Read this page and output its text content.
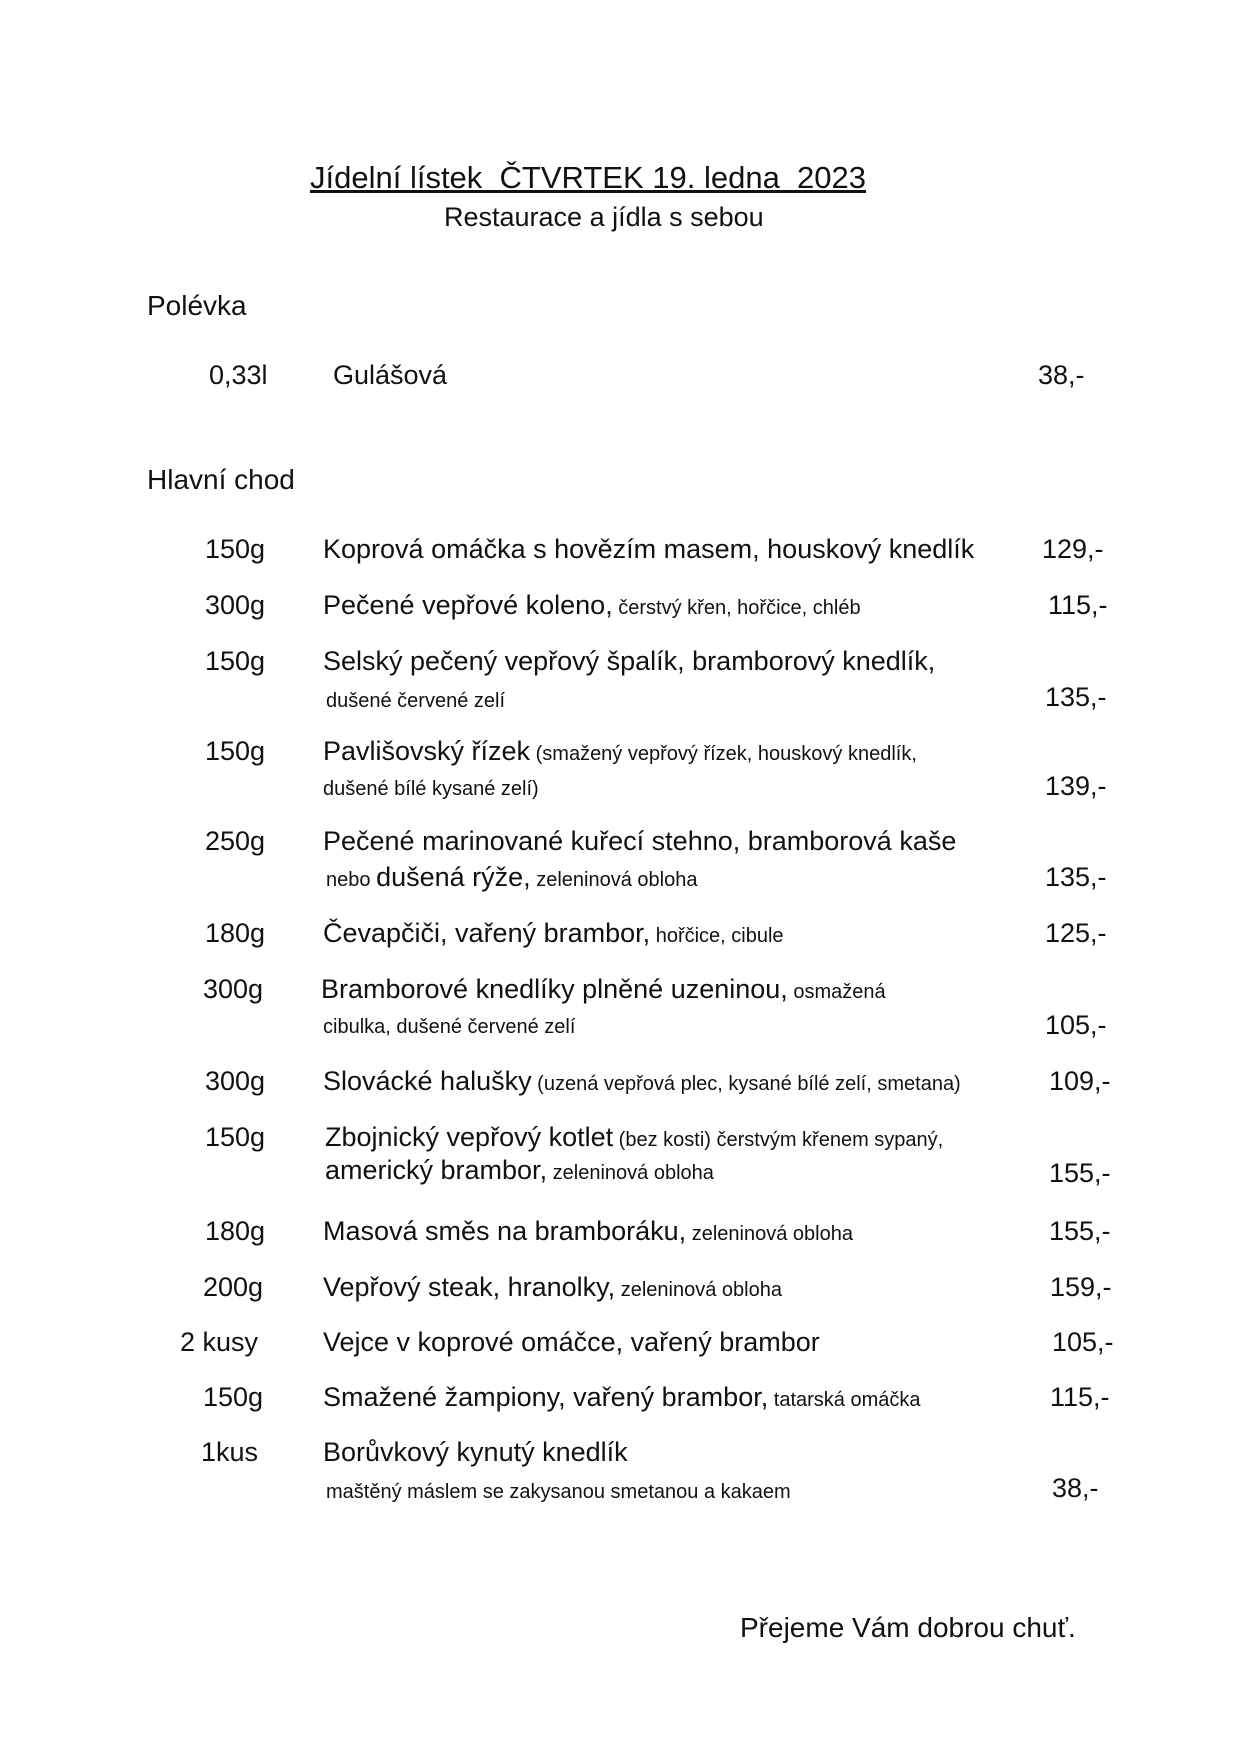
Jídelní lístek  ČTVRTEK 19. ledna  2023
Restaurace a jídla s sebou
Polévka
0,33l Gulášová	38,-
Hlavní chod
150g Koprová omáčka s hovězím masem, houskový knedlík	129,-
300g Pečené vepřové koleno, čerstvý křen, hořčice, chléb	115,-
150g Selský pečený vepřový špalík, bramborový knedlík,
dušené červené zelí	135,-
150g Pavlišovský řízek (smažený vepřový řízek, houskový knedlík,
dušené bílé kysané zelí)	139,-
250g Pečené marinované kuřecí stehno, bramborová kaše
nebo dušená rýže, zeleninová obloha	135,-
180g Čevapčiči, vařený brambor, hořčice, cibule	125,-
300g Bramborové knedlíky plněné uzeninou, osmažená
cibulka, dušené červené zelí	105,-
300g Slovácké halušky (uzená vepřová plec, kysané bílé zelí, smetana)	109,-
150g Zbojnický vepřový kotlet (bez kosti) čerstvým křenem sypaný,
americký brambor, zeleninová obloha	155,-
180g Masová směs na bramboráku, zeleninová obloha	155,-
200g Vepřový steak, hranolky, zeleninová obloha	159,-
2 kusy Vejce v koprové omáčce, vařený brambor	105,-
150g Smažené žampiony, vařený brambor, tatarská omáčka	115,-
1kus Borůvkový kynutý knedlík
maštěný máslem se zakysanou smetanou a kakaem	38,-
Přejeme Vám dobrou chuť.
